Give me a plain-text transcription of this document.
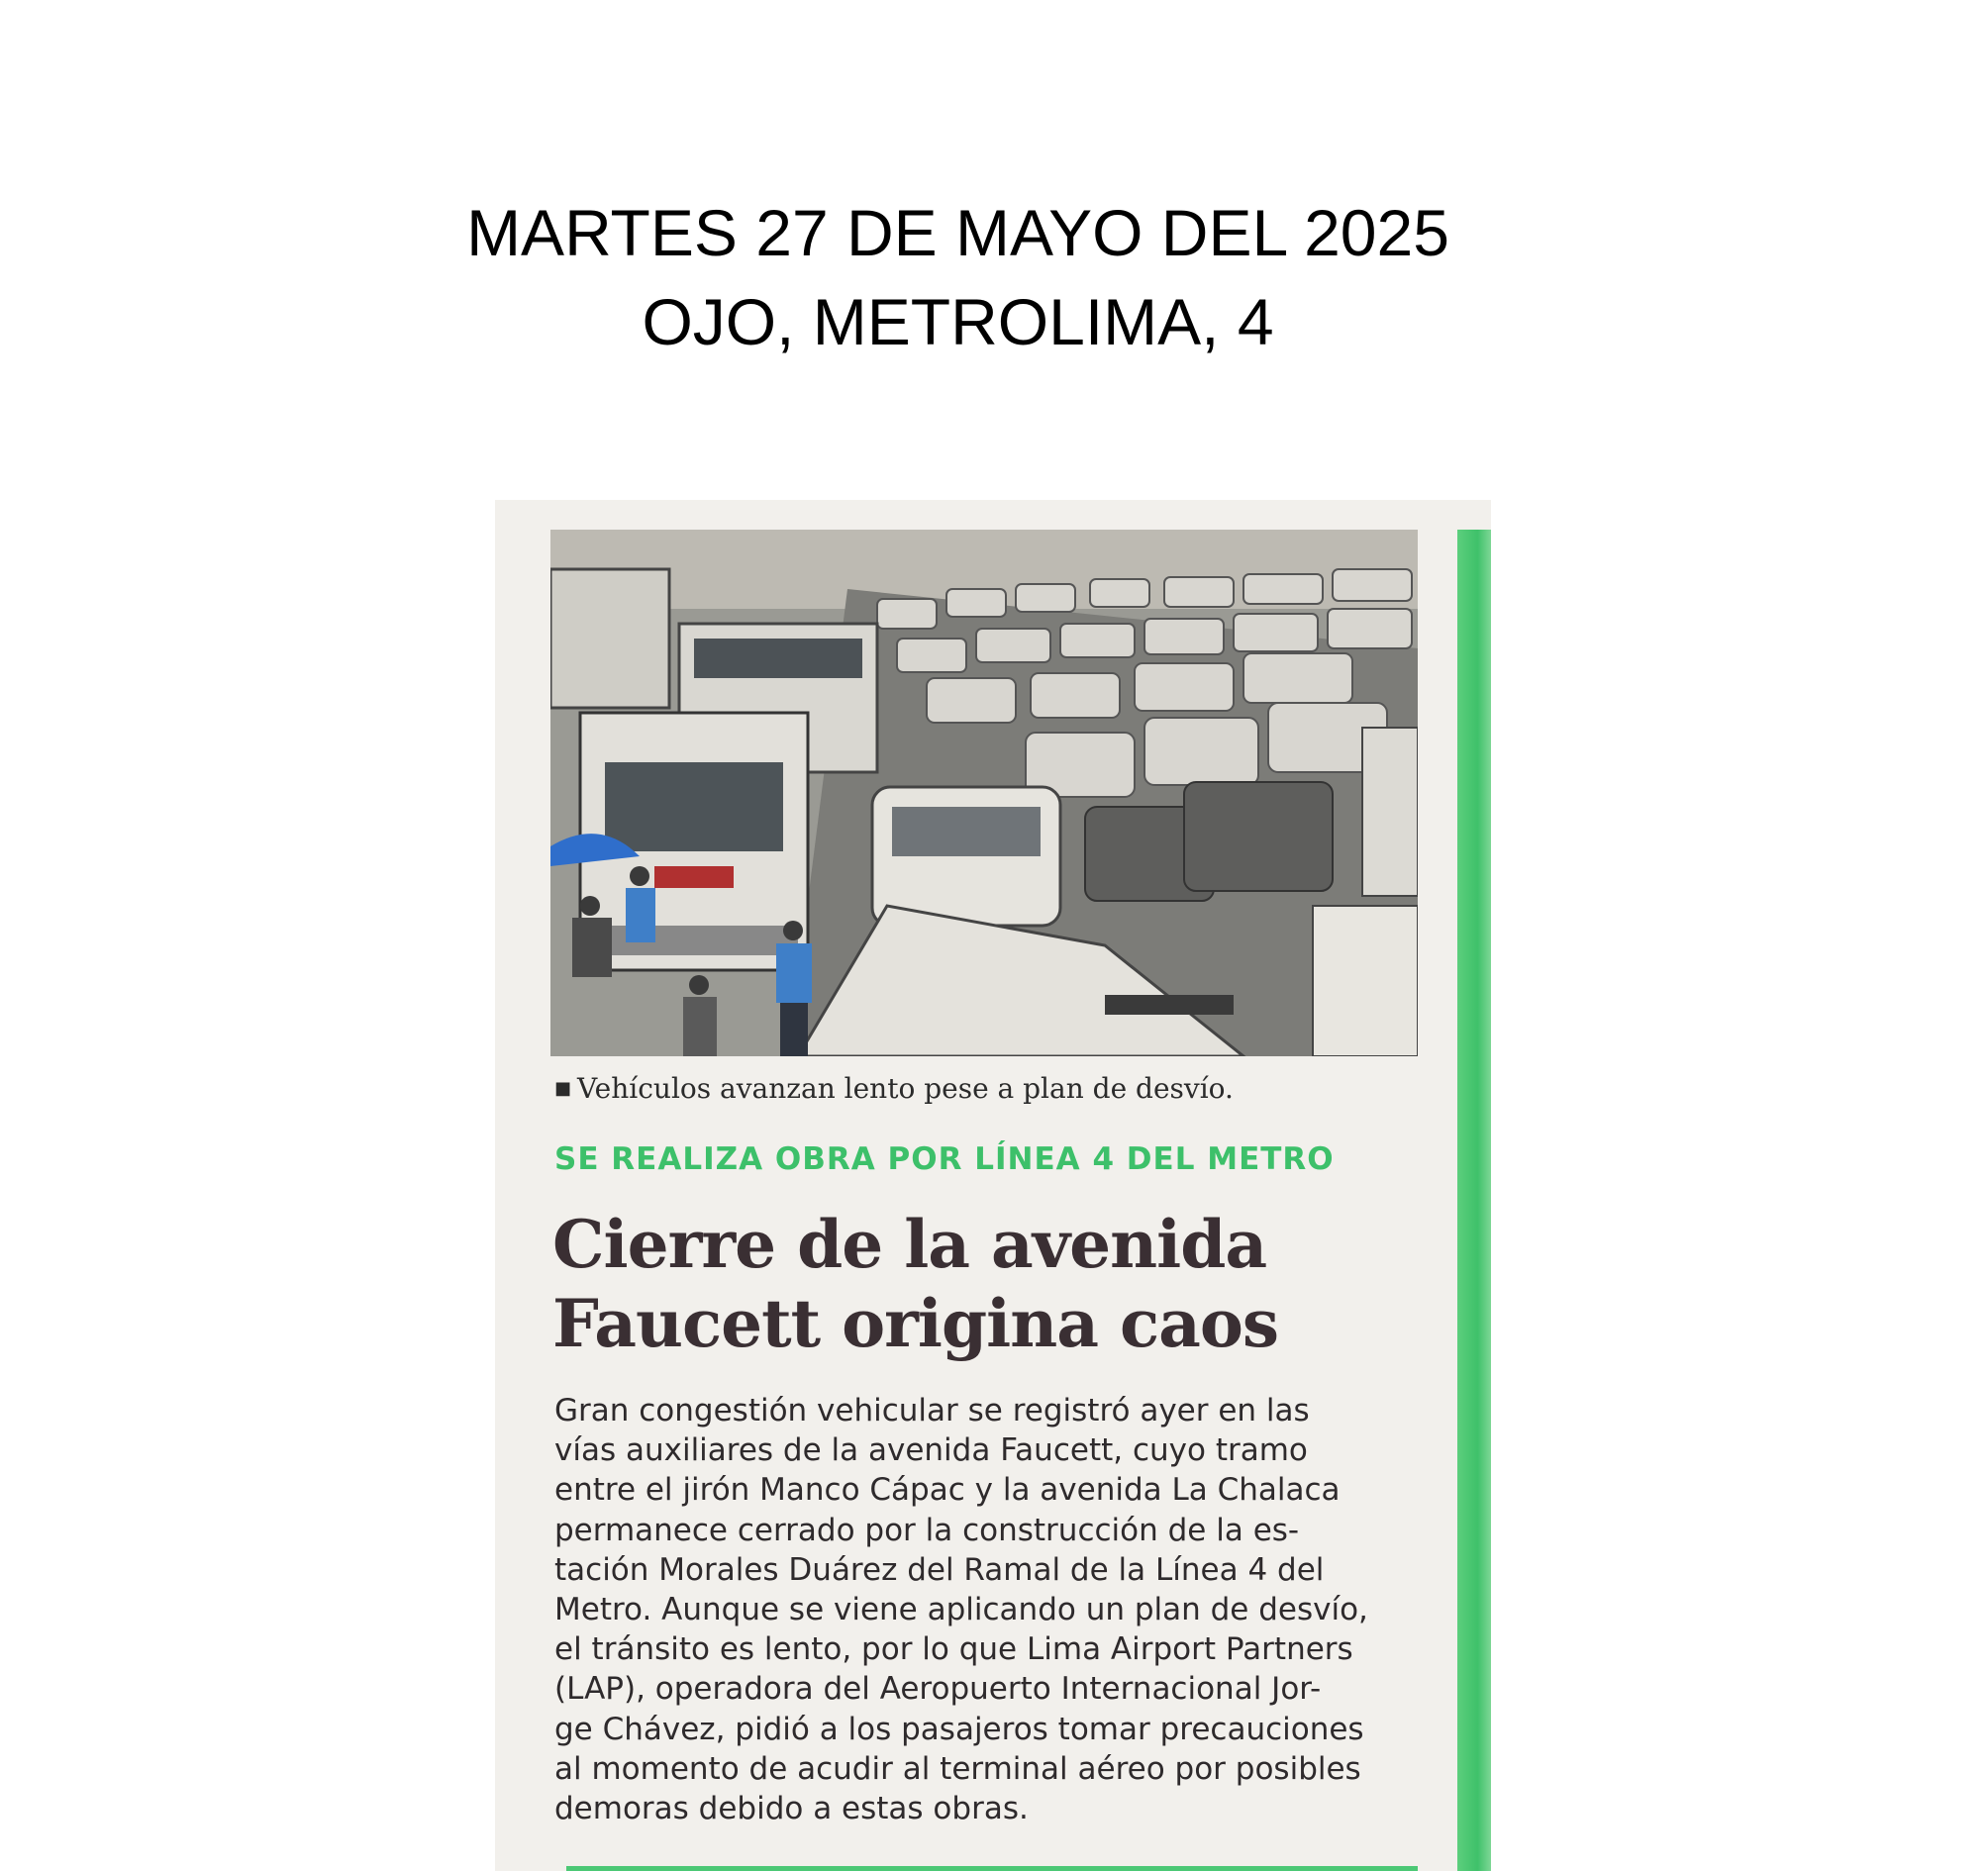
MARTES 27 DE MAYO DEL 2025
OJO, METROLIMA, 4
■ Vehículos avanzan lento pese a plan de desvío.
SE REALIZA OBRA POR LÍNEA 4 DEL METRO
Cierre de la avenida
Faucett origina caos
Gran congestión vehicular se registró ayer en las
vías auxiliares de la avenida Faucett, cuyo tramo
entre el jirón Manco Cápac y la avenida La Chalaca
permanece cerrado por la construcción de la es-
tación Morales Duárez del Ramal de la Línea 4 del
Metro. Aunque se viene aplicando un plan de desvío,
el tránsito es lento, por lo que Lima Airport Partners
(LAP), operadora del Aeropuerto Internacional Jor-
ge Chávez, pidió a los pasajeros tomar precauciones
al momento de acudir al terminal aéreo por posibles
demoras debido a estas obras.
